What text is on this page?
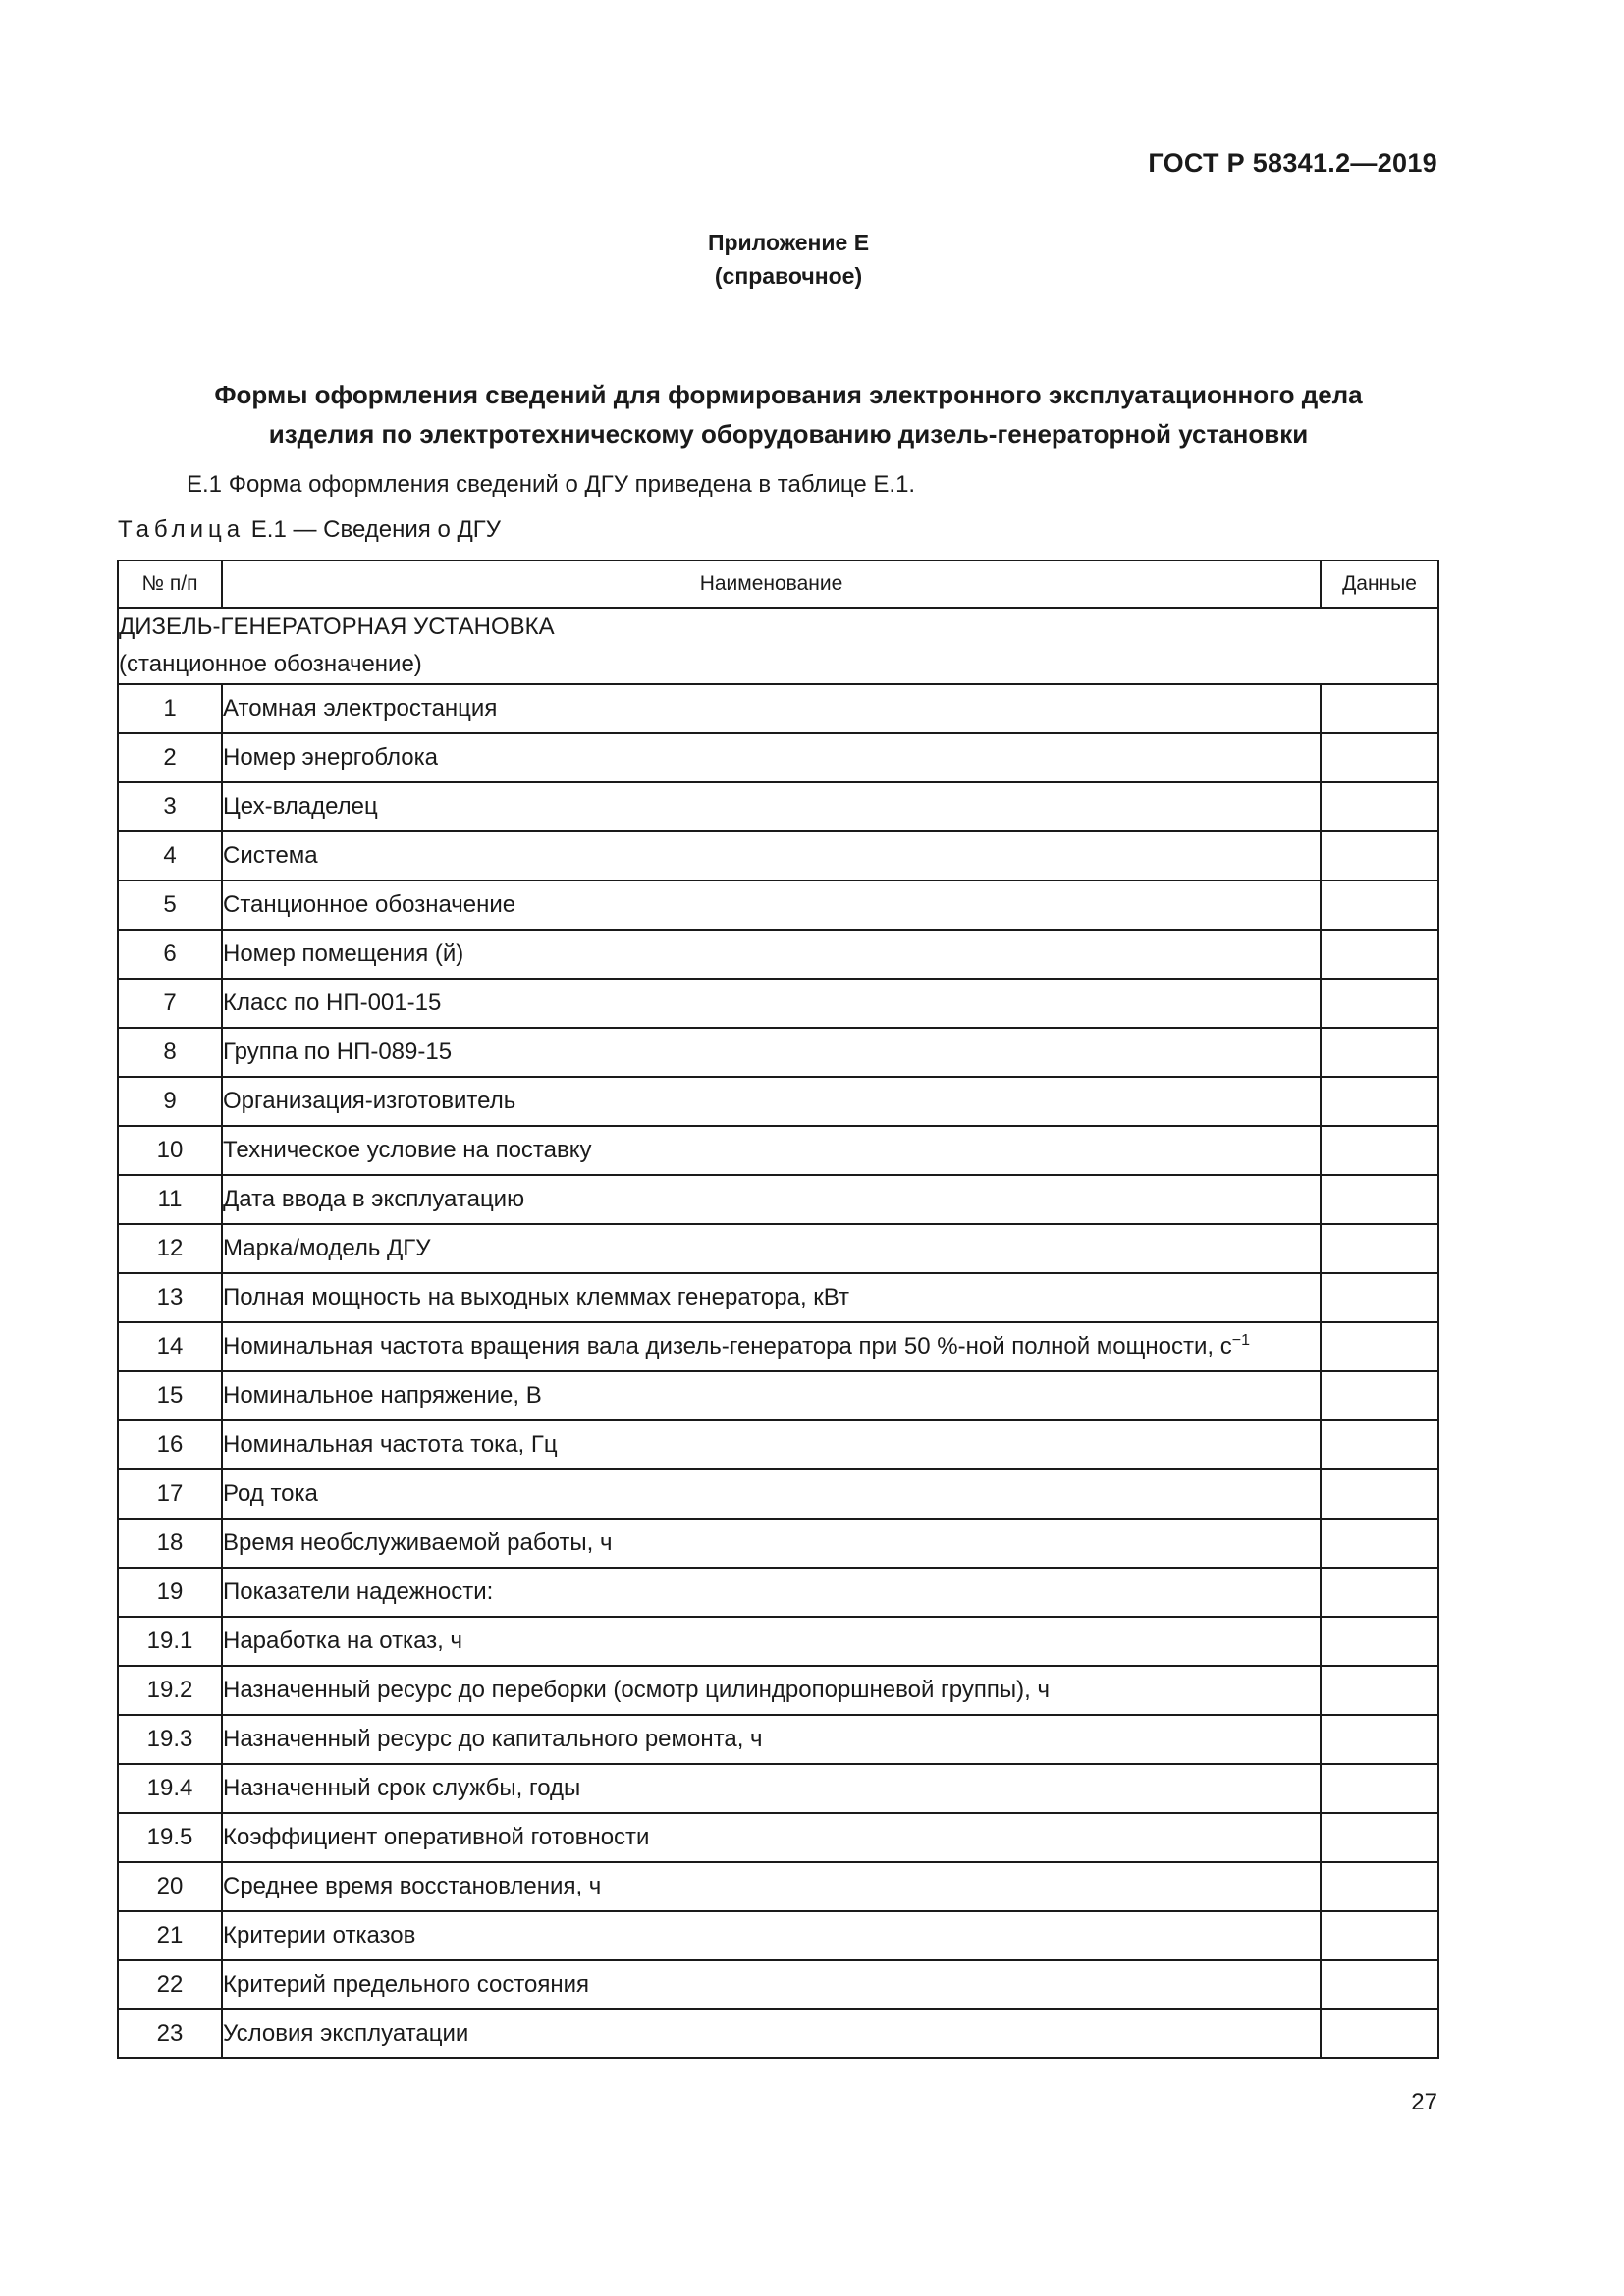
ГОСТ Р 58341.2—2019
Приложение Е
(справочное)
Формы оформления сведений для формирования электронного эксплуатационного дела
изделия по электротехническому оборудованию дизель-генераторной установки
Е.1 Форма оформления сведений о ДГУ приведена в таблице Е.1.
Таблица Е.1 — Сведения о ДГУ
№ п/п	Наименование	Данные

ДИЗЕЛЬ-ГЕНЕРАТОРНАЯ УСТАНОВКА
(станционное обозначение)		

1	Атомная электростанция	
2	Номер энергоблока	
3	Цех-владелец	
4	Система	
5	Станционное обозначение	
6	Номер помещения (й)	
7	Класс по НП-001-15	
8	Группа по НП-089-15	
9	Организация-изготовитель	
10	Техническое условие на поставку	
11	Дата ввода в эксплуатацию	
12	Марка/модель ДГУ	
13	Полная мощность на выходных клеммах генератора, кВт	
14	Номинальная частота вращения вала дизель-генератора при 50 %-ной полной мощности, $с^{-1}$	
15	Номинальное напряжение, В	
16	Номинальная частота тока, Гц	
17	Род тока	
18	Время необслуживаемой работы, ч	
19	Показатели надежности:	
19.1	Наработка на отказ, ч	
19.2	Назначенный ресурс до переборки (осмотр цилиндропоршневой группы), ч	
19.3	Назначенный ресурс до капитального ремонта, ч	
19.4	Назначенный срок службы, годы	
19.5	Коэффициент оперативной готовности	
20	Среднее время восстановления, ч	
21	Критерии отказов	
22	Критерий предельного состояния	
23	Условия эксплуатации	
27
